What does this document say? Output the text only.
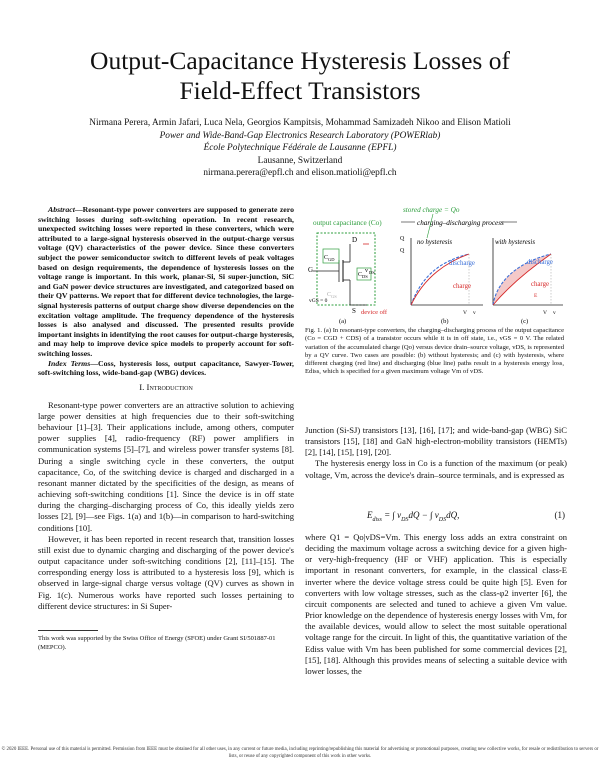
Output-Capacitance Hysteresis Losses of
Field-Effect Transistors
Nirmana Perera, Armin Jafari, Luca Nela, Georgios Kampitsis, Mohammad Samizadeh Nikoo and Elison Matioli
Power and Wide-Band-Gap Electronics Research Laboratory (POWERlab)
École Polytechnique Fédérale de Lausanne (EPFL)
Lausanne, Switzerland
nirmana.perera@epfl.ch and elison.matioli@epfl.ch

Abstract—Resonant-type power converters are supposed to generate zero switching losses during soft-switching operation. In recent research, unexpected switching losses were reported in these converters, which were attributed to a large-signal hysteresis observed in the output-charge versus voltage (QV) characteristics of the power device. Since these converters subject the power semiconductor switch to different levels of peak voltages based on design requirements, the dependence of hysteresis losses on the voltage range is important. In this work, planar-Si, Si super-junction, SiC and GaN power device structures are investigated, and categorized based on their QV patterns. We report that for different device technologies, the large-signal hysteresis patterns of output charge show diverse dependencies on the excitation voltage amplitude. The frequency dependence of the hysteresis losses is also analysed and discussed. The presented results provide important insights in identifying the root causes for output-charge hysteresis, and may help to improve device spice models to properly account for soft-switching losses.

Index Terms—Coss, hysteresis loss, output capacitance, Sawyer-Tower, soft-switching loss, wide-band-gap (WBG) devices.

I. Introduction

Resonant-type power converters are an attractive solution to achieving large power densities at high frequencies due to their soft-switching behaviour [1]–[3]. Their applications include, among others, computer power supplies [4], radio-frequency (RF) power amplifiers in communication systems [5]–[7], and wireless power transfer systems [8]. During a single switching cycle in these converters, the output capacitance, Co, of the switching device is charged and discharged in a resonant manner dictated by the specificities of the design, as means of achieving soft-switching conditions [1]. Since the device is in off state during the charging–discharging process of Co, this ideally yields zero losses [2], [9]—see Figs. 1(a) and 1(b)—in comparison to hard-switching conditions [10].

However, it has been reported in recent research that, transition losses still exist due to dynamic charging and discharging of the power device's output capacitance under soft-switching conditions [2], [11]–[15]. The corresponding energy loss is attributed to a hysteresis loss [9], which is observed in large-signal charge versus voltage (QV) curves as shown in Fig. 1(c). Numerous works have reported such losses pertaining to different device structures: in Si Super-

This work was supported by the Swiss Office of Energy (SFOE) under Grant SI/501887-01 (MEPCO).
stored charge = Qo
output capacitance (Co)	charging–discharging process
D
G
S
C GD
C DS
C GS
v DS
vGS = 0
device off
(a)
no hysteresis
Q
Q
V v
discharge
charge
(b)
with hysteresis
discharge
charge
E
V v
(c)
Fig. 1. (a) In resonant-type converters, the charging–discharging process of the output capacitance (Co = CGD + CDS) of a transistor occurs while it is in off state, i.e., vGS = 0 V. The related variation of the accumulated charge (Qo) versus device drain–source voltage, vDS, is represented by a QV curve. Two cases are possible: (b) without hysteresis; and (c) with hysteresis, where different charging (red line) and discharging (blue line) paths result in a hysteresis energy loss, Ediss, which is specified for a given maximum voltage Vm of vDS.

Junction (Si-SJ) transistors [13], [16], [17]; and wide-band-gap (WBG) SiC transistors [15], [18] and GaN high-electron-mobility transistors (HEMTs) [2], [14], [15], [19], [20].

The hysteresis energy loss in Co is a function of the maximum (or peak) voltage, Vm, across the device's drain–source terminals, and is expressed as

$E_{diss}$ = ∫ $v_{DS}dQ$ − ∫ $v_{DS}dQ$,	(1)

where Q1 = Qo|vDS=Vm. This energy loss adds an extra constraint on deciding the maximum voltage across a switching device for a given high- or very-high-frequency (HF or VHF) application. This is especially important in resonant converters, for example, in the classical class-E inverter where the device voltage stress could be quite high [5]. Even for converters with low voltage stresses, such as the class-φ2 inverter [6], the circuit components are selected and tuned to achieve a given Vm value. Prior knowledge on the dependence of hysteresis energy losses with Vm, for the available devices, would allow to select the most suitable operational voltage range for the circuit. In light of this, the quantitative variation of the Ediss value with Vm has been published for some commercial devices [2], [15], [18]. Although this provides means of selecting a suitable device with lower losses, the

© 2020 IEEE. Personal use of this material is permitted. Permission from IEEE must be obtained for all other uses, in any current or future media, including reprinting/republishing this material for advertising or promotional purposes, creating new collective works, for resale or redistribution to servers or lists, or reuse of any copyrighted component of this work in other works.
